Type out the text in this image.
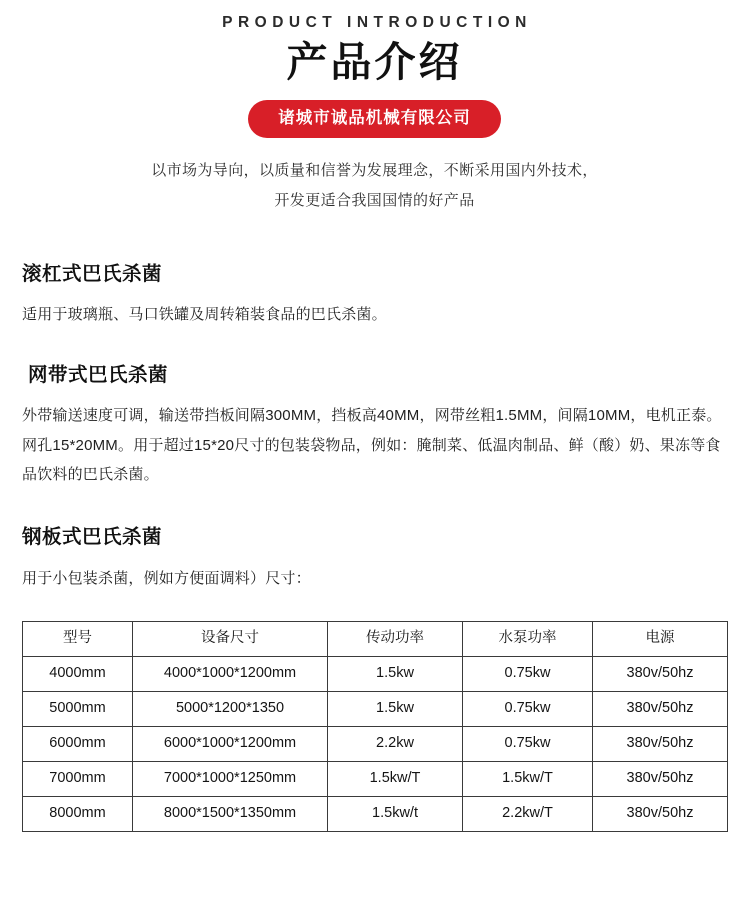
PRODUCT INTRODUCTION
产品介绍
诸城市诚品机械有限公司
以市场为导向，以质量和信誉为发展理念，不断采用国内外技术，
开发更适合我国国情的好产品
滚杠式巴氏杀菌

适用于玻璃瓶、马口铁罐及周转箱装食品的巴氏杀菌。

网带式巴氏杀菌

外带输送速度可调，输送带挡板间隔300MM，挡板高40MM，网带丝粗1.5MM，间隔10MM，电机正泰。网孔15*20MM。用于超过15*20尺寸的包装袋物品，例如：腌制菜、低温肉制品、鲜（酸）奶、果冻等食品饮料的巴氏杀菌。

钢板式巴氏杀菌

用于小包装杀菌，例如方便面调料）尺寸：

型号	设备尺寸	传动功率	水泵功率	电源
4000mm	4000*1000*1200mm	1.5kw	0.75kw	380v/50hz
5000mm	5000*1200*1350	1.5kw	0.75kw	380v/50hz
6000mm	6000*1000*1200mm	2.2kw	0.75kw	380v/50hz
7000mm	7000*1000*1250mm	1.5kw/T	1.5kw/T	380v/50hz
8000mm	8000*1500*1350mm	1.5kw/t	2.2kw/T	380v/50hz
